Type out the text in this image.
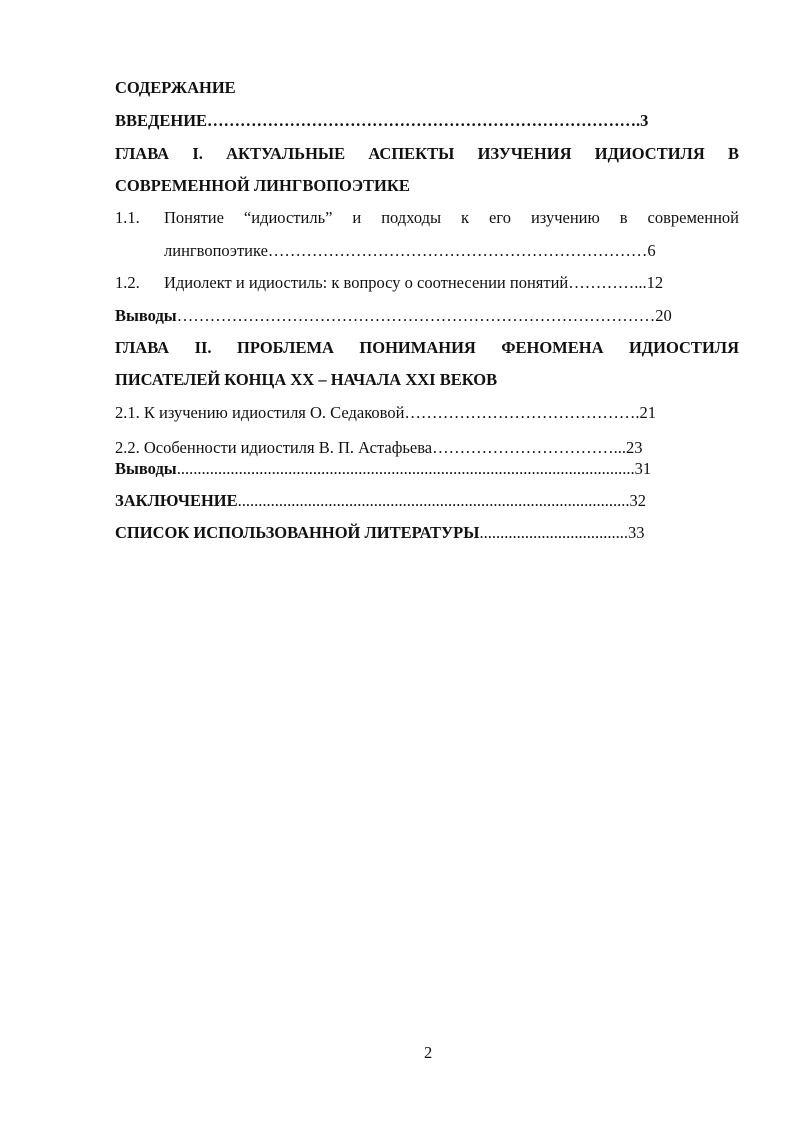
СОДЕРЖАНИЕ
ВВЕДЕНИЕ…………………………………………………………………….3
ГЛАВА I. АКТУАЛЬНЫЕ АСПЕКТЫ ИЗУЧЕНИЯ ИДИОСТИЛЯ В
СОВРЕМЕННОЙ ЛИНГВОПОЭТИКЕ
1.1. Понятие “идиостиль” и подходы к его изучению в современной
лингвопоэтике……………………………………………………………6
1.2. Идиолект и идиостиль: к вопросу о соотнесении понятий…………...12
Выводы……………………………………………………………………………20
ГЛАВА II. ПРОБЛЕМА ПОНИМАНИЯ ФЕНОМЕНА ИДИОСТИЛЯ
ПИСАТЕЛЕЙ КОНЦА XX – НАЧАЛА XXI ВЕКОВ
2.1. К изучению идиостиля О. Седаковой…………………………………….21
2.2. Особенности идиостиля В. П. Астафьева……………………………...23
Выводы...............................................................................................................31
ЗАКЛЮЧЕНИЕ...............................................................................................32
СПИСОК ИСПОЛЬЗОВАННОЙ ЛИТЕРАТУРЫ....................................33
2
